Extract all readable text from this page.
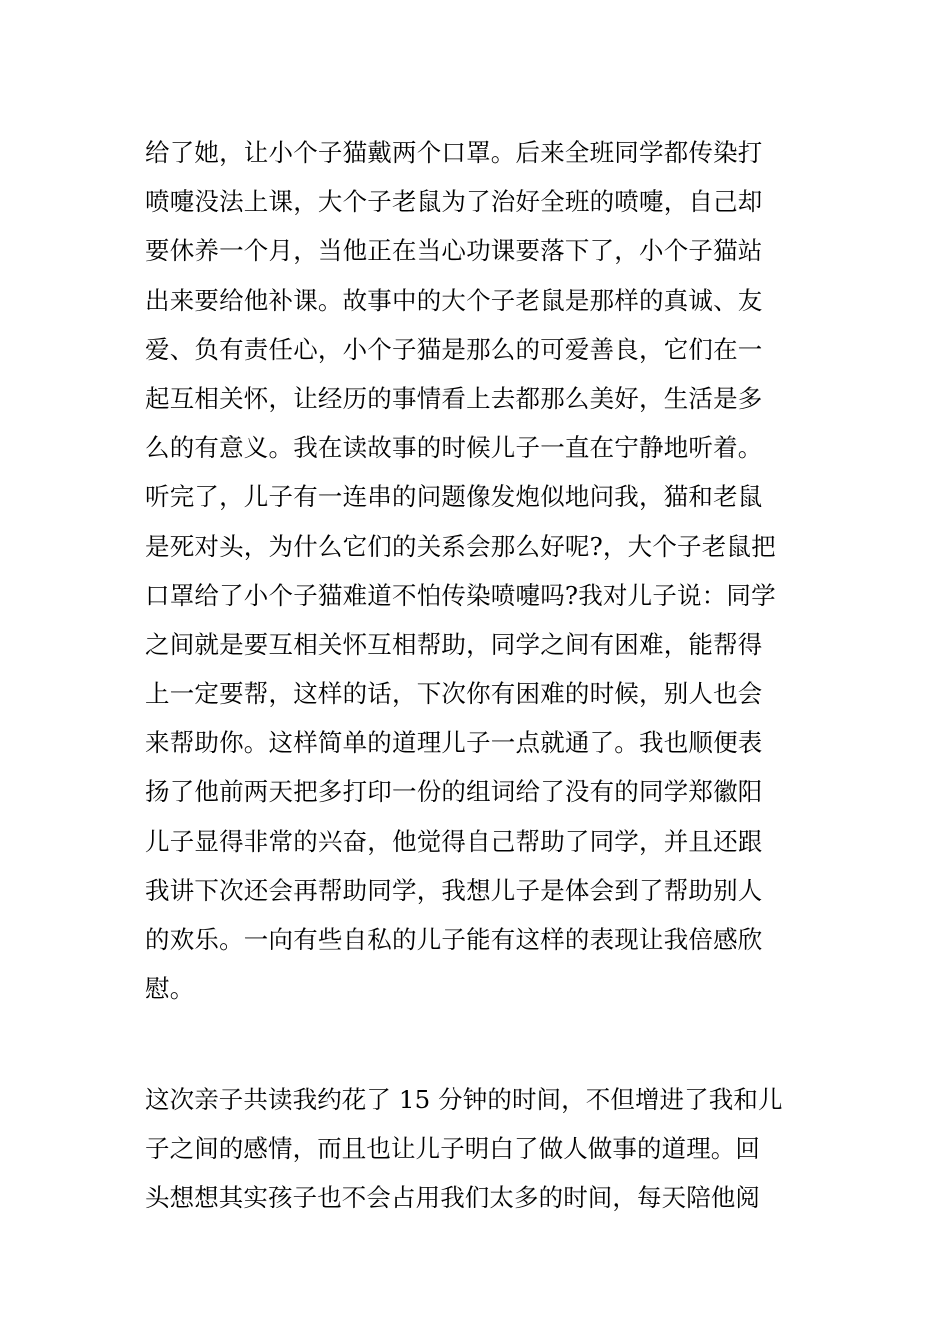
给了她，让小个子猫戴两个口罩。后来全班同学都传染打
喷嚏没法上课，大个子老鼠为了治好全班的喷嚏，自己却
要休养一个月，当他正在当心功课要落下了，小个子猫站
出来要给他补课。故事中的大个子老鼠是那样的真诚、友
爱、负有责任心，小个子猫是那么的可爱善良，它们在一
起互相关怀，让经历的事情看上去都那么美好，生活是多
么的有意义。我在读故事的时候儿子一直在宁静地听着。
听完了，儿子有一连串的问题像发炮似地问我，猫和老鼠
是死对头，为什么它们的关系会那么好呢?，大个子老鼠把
口罩给了小个子猫难道不怕传染喷嚏吗?我对儿子说：同学
之间就是要互相关怀互相帮助，同学之间有困难，能帮得
上一定要帮，这样的话，下次你有困难的时候，别人也会
来帮助你。这样简单的道理儿子一点就通了。我也顺便表
扬了他前两天把多打印一份的组词给了没有的同学郑徽阳
儿子显得非常的兴奋，他觉得自己帮助了同学，并且还跟
我讲下次还会再帮助同学，我想儿子是体会到了帮助别人
的欢乐。一向有些自私的儿子能有这样的表现让我倍感欣
慰。
这次亲子共读我约花了 15 分钟的时间，不但增进了我和儿
子之间的感情，而且也让儿子明白了做人做事的道理。回
头想想其实孩子也不会占用我们太多的时间，每天陪他阅
